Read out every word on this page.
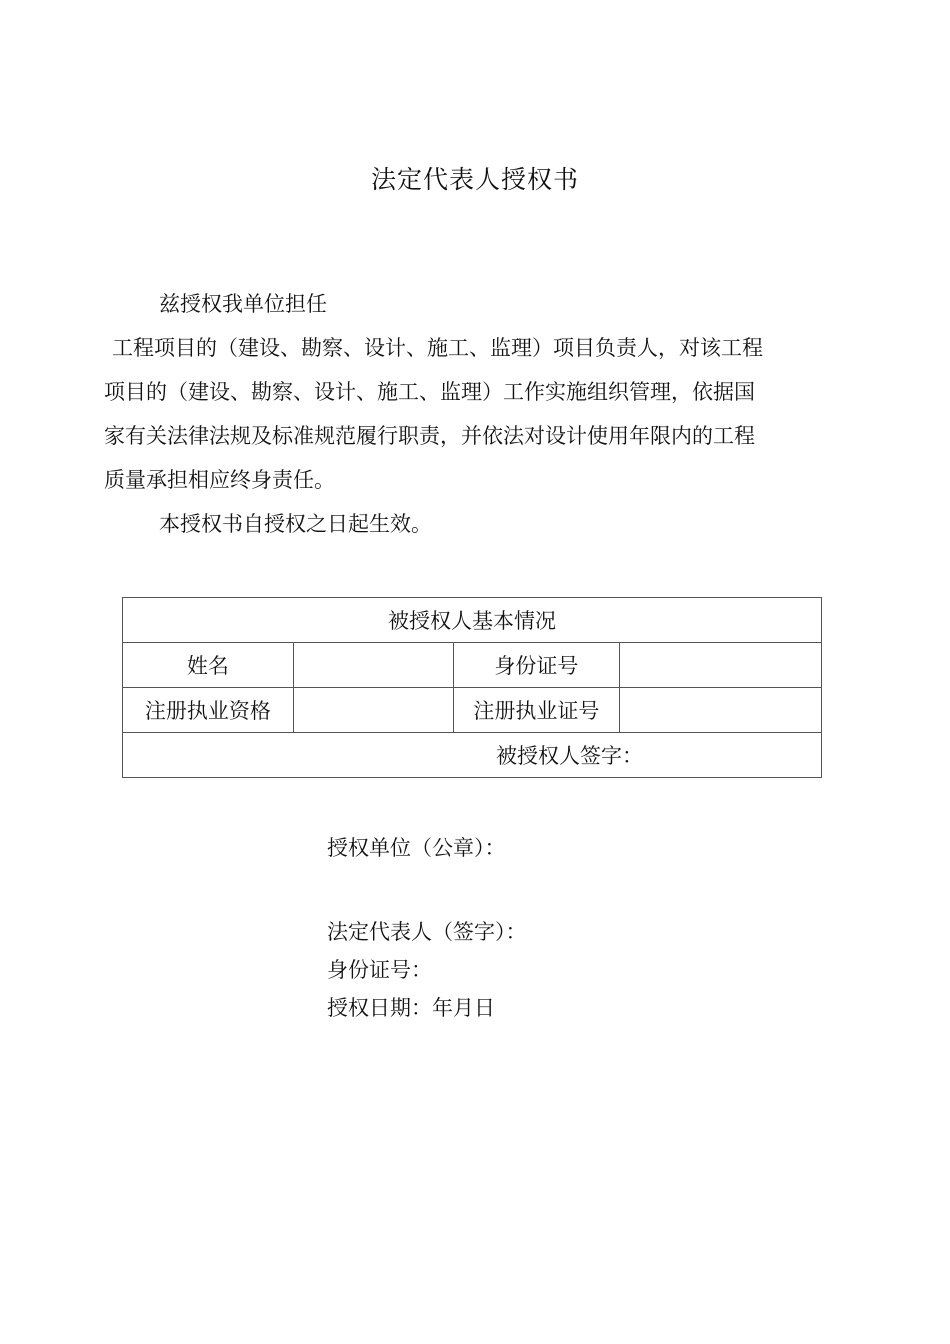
法定代表人授权书
兹授权我单位担任
工程项目的（建设、勘察、设计、施工、监理）项目负责人，对该工程
项目的（建设、勘察、设计、施工、监理）工作实施组织管理，依据国
家有关法律法规及标准规范履行职责，并依法对设计使用年限内的工程
质量承担相应终身责任。
本授权书自授权之日起生效。
被授权人基本情况			
姓名		身份证号	
注册执业资格		注册执业证号	
被授权人签字：			
授权单位（公章）：
法定代表人（签字）：
身份证号：
授权日期：年月日
